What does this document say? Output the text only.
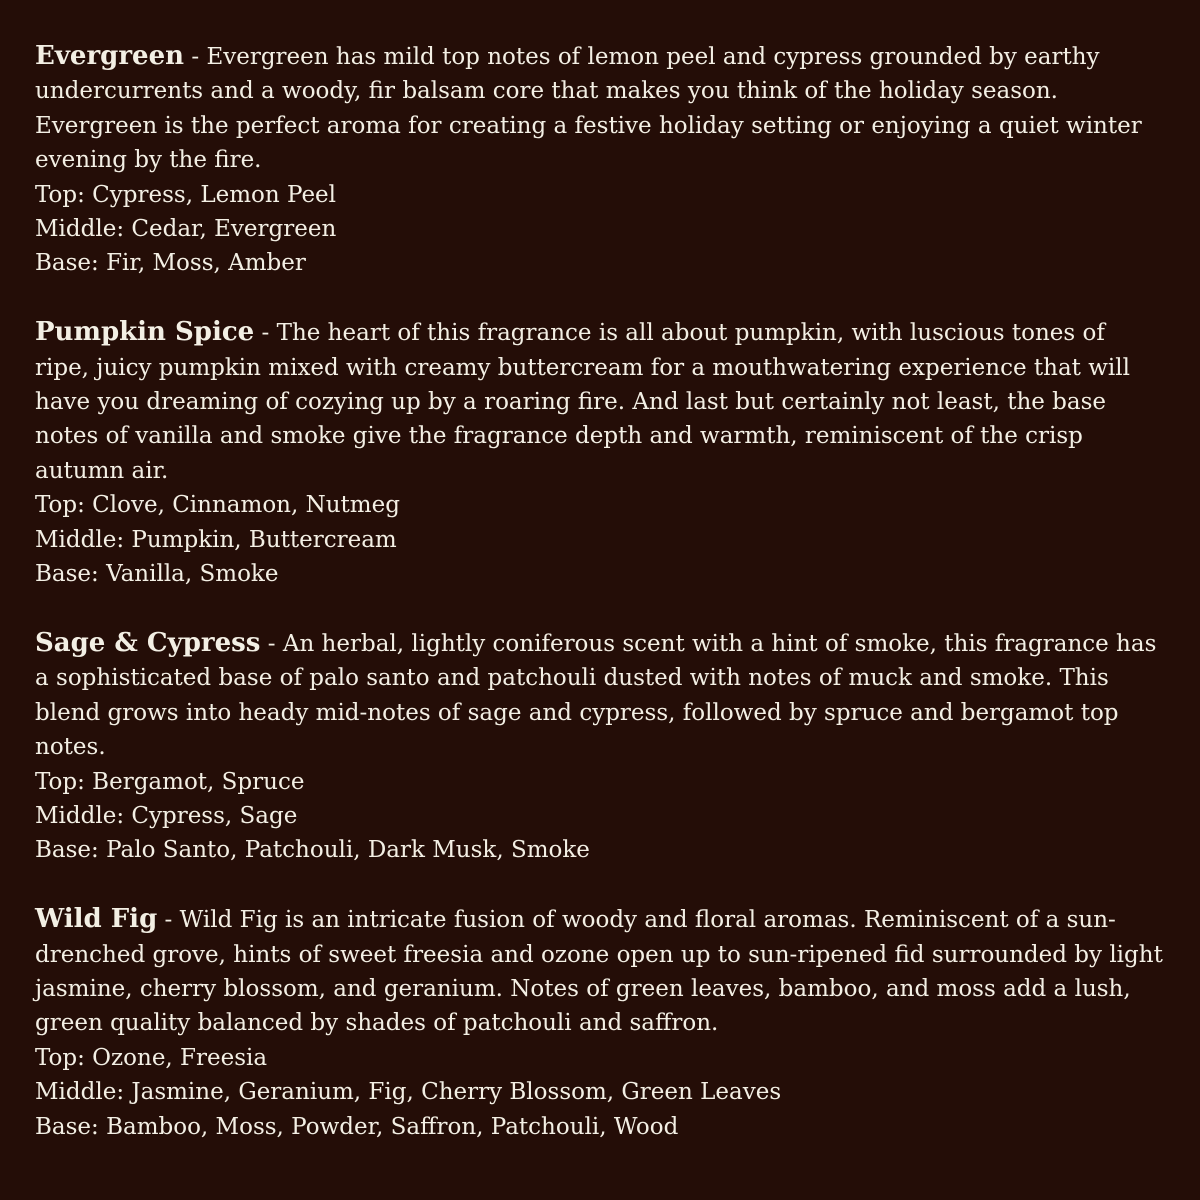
Evergreen - Evergreen has mild top notes of lemon peel and cypress grounded by earthy undercurrents and a woody, fir balsam core that makes you think of the holiday season. Evergreen is the perfect aroma for creating a festive holiday setting or enjoying a quiet winter evening by the fire.

Top: Cypress, Lemon Peel

Middle: Cedar, Evergreen

Base: Fir, Moss, Amber

Pumpkin Spice - The heart of this fragrance is all about pumpkin, with luscious tones of ripe, juicy pumpkin mixed with creamy buttercream for a mouthwatering experience that will have you dreaming of cozying up by a roaring fire. And last but certainly not least, the base notes of vanilla and smoke give the fragrance depth and warmth, reminiscent of the crisp autumn air.

Top: Clove, Cinnamon, Nutmeg

Middle: Pumpkin, Buttercream

Base: Vanilla, Smoke

Sage & Cypress - An herbal, lightly coniferous scent with a hint of smoke, this fragrance has a sophisticated base of palo santo and patchouli dusted with notes of muck and smoke. This blend grows into heady mid-notes of sage and cypress, followed by spruce and bergamot top notes.

Top: Bergamot, Spruce

Middle: Cypress, Sage

Base: Palo Santo, Patchouli, Dark Musk, Smoke

Wild Fig - Wild Fig is an intricate fusion of woody and floral aromas. Reminiscent of a sun-drenched grove, hints of sweet freesia and ozone open up to sun-ripened fid surrounded by light jasmine, cherry blossom, and geranium. Notes of green leaves, bamboo, and moss add a lush, green quality balanced by shades of patchouli and saffron.

Top: Ozone, Freesia

Middle: Jasmine, Geranium, Fig, Cherry Blossom, Green Leaves

Base: Bamboo, Moss, Powder, Saffron, Patchouli, Wood
